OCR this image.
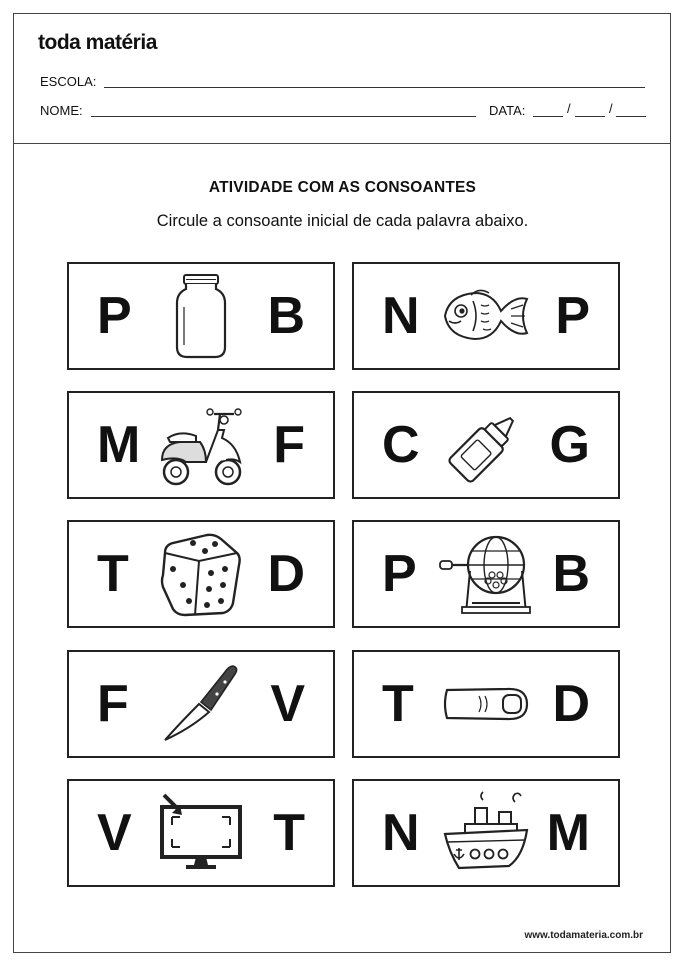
toda matéria
ESCOLA:
NOME:	DATA:	/	/
ATIVIDADE COM AS CONSOANTES
Circule a consoante inicial de cada palavra abaixo.
P	B N	P
M	F C G
T	D P	B
F	V T	D
V	T N M
www.todamateria.com.br
